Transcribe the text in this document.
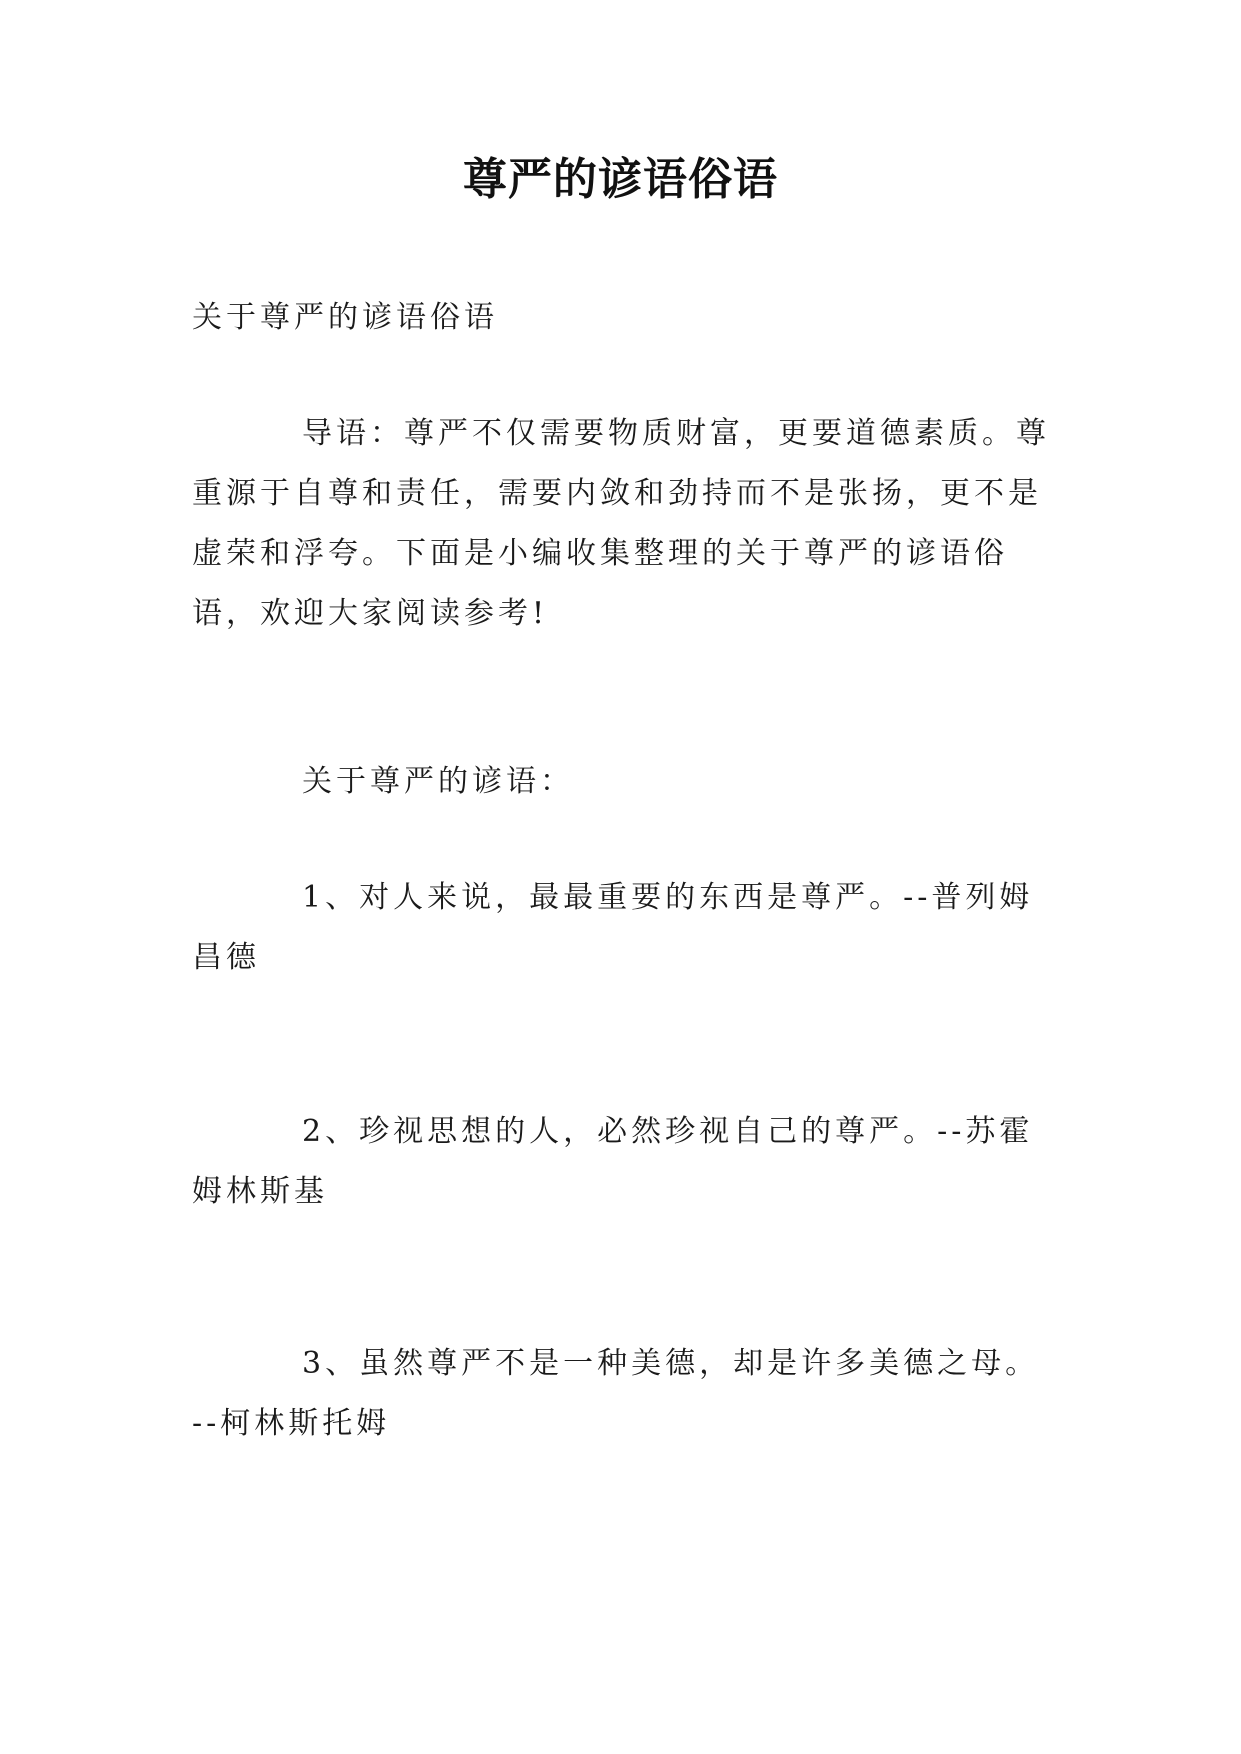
尊严的谚语俗语

关于尊严的谚语俗语

导语：尊严不仅需要物质财富，更要道德素质。尊重源于自尊和责任，需要内敛和劲持而不是张扬，更不是虚荣和浮夸。下面是小编收集整理的关于尊严的谚语俗语，欢迎大家阅读参考!

关于尊严的谚语：

1、对人来说，最最重要的东西是尊严。--普列姆昌德

2、珍视思想的人，必然珍视自己的尊严。--苏霍姆林斯基

3、虽然尊严不是一种美德，却是许多美德之母。--柯林斯托姆
